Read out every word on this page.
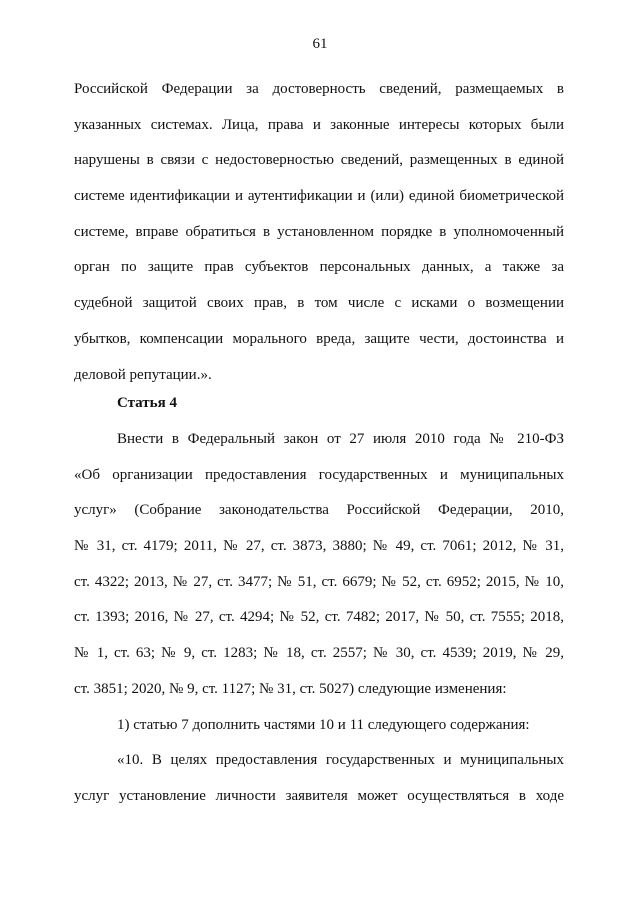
61
Российской Федерации за достоверность сведений, размещаемых в
указанных системах. Лица, права и законные интересы которых были
нарушены в связи с недостоверностью сведений, размещенных в единой
системе идентификации и аутентификации и (или) единой биометрической
системе, вправе обратиться в установленном порядке в уполномоченный
орган по защите прав субъектов персональных данных, а также за
судебной защитой своих прав, в том числе с исками о возмещении
убытков, компенсации морального вреда, защите чести, достоинства и
деловой репутации.».
Статья 4
Внести в Федеральный закон от 27 июля 2010 года № 210-ФЗ
«Об организации предоставления государственных и муниципальных
услуг» (Собрание законодательства Российской Федерации, 2010,
№ 31, ст. 4179; 2011, № 27, ст. 3873, 3880; № 49, ст. 7061; 2012, № 31,
ст. 4322; 2013, № 27, ст. 3477; № 51, ст. 6679; № 52, ст. 6952; 2015, № 10,
ст. 1393; 2016, № 27, ст. 4294; № 52, ст. 7482; 2017, № 50, ст. 7555; 2018,
№ 1, ст. 63; № 9, ст. 1283; № 18, ст. 2557; № 30, ст. 4539; 2019, № 29,
ст. 3851; 2020, № 9, ст. 1127; № 31, ст. 5027) следующие изменения:
1) статью 7 дополнить частями 10 и 11 следующего содержания:
«10. В целях предоставления государственных и муниципальных
услуг установление личности заявителя может осуществляться в ходе
